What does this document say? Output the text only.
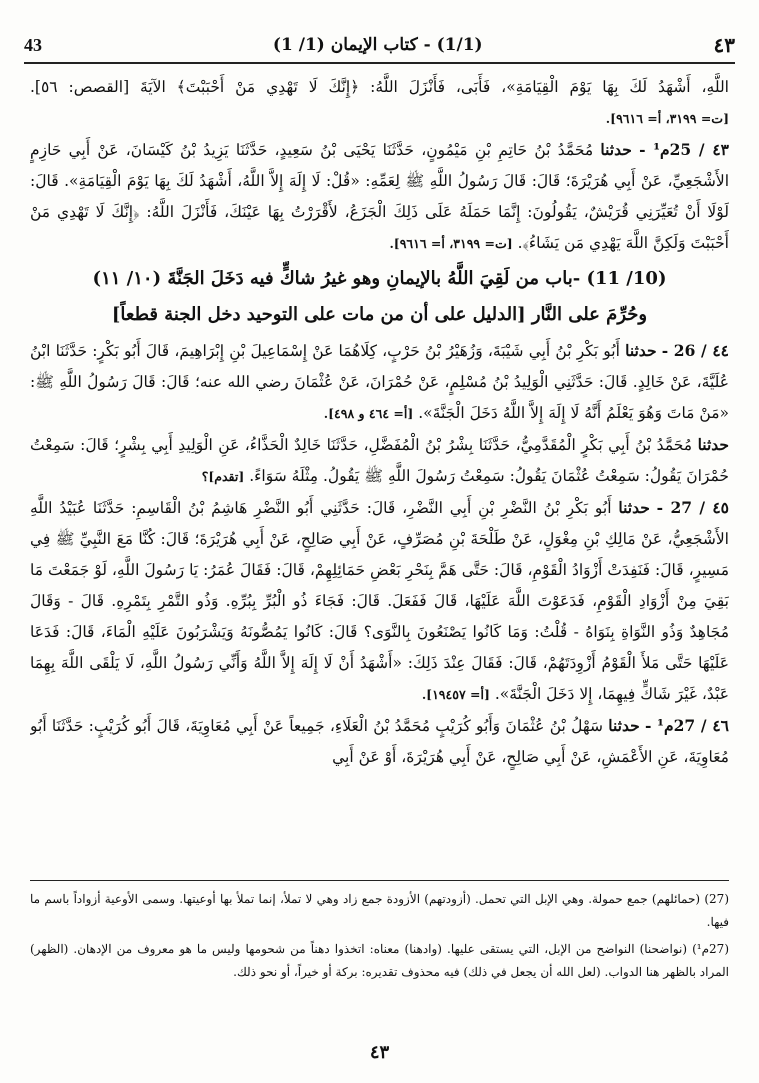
43	(1/1) - كتاب الإيمان (1/ 1)	٤٣

اللَّهِ، أَشْهَدُ لَكَ بِهَا يَوْمَ الْقِيَامَةِ»، فَأَبَى، فَأَنْزَلَ اللَّهُ: ﴿إِنَّكَ لَا تَهْدِي مَنْ أَحْبَبْتَ﴾ الآيَةَ [القصص: ٥٦]. [ت= ٣١٩٩، أ= ٩٦١٦].

٤٣ / 25م¹ - حدثنا مُحَمَّدُ بْنُ حَاتِمِ بْنِ مَيْمُونٍ، حَدَّثَنَا يَحْيَى بْنُ سَعِيدٍ، حَدَّثَنَا يَزِيدُ بْنُ كَيْسَانَ، عَنْ أَبِي حَازِمٍ الأَشْجَعِيِّ، عَنْ أَبِي هُرَيْرَةَ؛ قَالَ: قَالَ رَسُولُ اللَّهِ ﷺ لِعَمِّهِ: «قُلْ: لَا إِلَهَ إِلاَّ اللَّهُ، أَشْهَدُ لَكَ بِهَا يَوْمَ الْقِيَامَةِ». قَالَ: لَوْلَا أَنْ تُعَيِّرَنِي قُرَيْشٌ، يَقُولُونَ: إِنَّمَا حَمَلَهُ عَلَى ذَلِكَ الْجَزَعُ، لأَقْرَرْتُ بِهَا عَيْنَكَ، فَأَنْزَلَ اللَّهُ: ﴿إِنَّكَ لَا تَهْدِي مَنْ أَحْبَبْتَ وَلَكِنَّ اللَّهَ يَهْدِي مَن يَشَاءُ﴾. [ت= ٣١٩٩، أ= ٩٦١٦].

(10/ 11) -باب من لَقِيَ اللَّهُ بالإيمانِ وهو غيرُ شاكٍّ فيه دَخَلَ الجَنَّةَ (١٠/ ١١)
وحُرِّمَ على النَّار [الدليل على أن من مات على التوحيد دخل الجنة قطعاً]

٤٤ / 26 - حدثنا أَبُو بَكْرِ بْنُ أَبِي شَيْبَةَ، وَزُهَيْرُ بْنُ حَرْبٍ، كِلَاهُمَا عَنْ إِسْمَاعِيلَ بْنِ إِبْرَاهِيمَ، قَالَ أَبُو بَكْرٍ: حَدَّثَنَا ابْنُ عُلَيَّةَ، عَنْ خَالِدٍ. قَالَ: حَدَّثَنِي الْوَلِيدُ بْنُ مُسْلِمٍ، عَنْ حُمْرَانَ، عَنْ عُثْمَانَ رضي الله عنه؛ قَالَ: قَالَ رَسُولُ اللَّهِ ﷺ: «مَنْ مَاتَ وَهُوَ يَعْلَمُ أَنَّهُ لَا إِلَهَ إِلاَّ اللَّهُ دَخَلَ الْجَنَّةَ». [أ= ٤٦٤ و ٤٩٨].

حدثنا مُحَمَّدُ بْنُ أَبِي بَكْرٍ الْمُقَدَّمِيُّ، حَدَّثَنَا بِشْرُ بْنُ الْمُفَضَّلِ، حَدَّثَنَا خَالِدٌ الْحَذَّاءُ، عَنِ الْوَلِيدِ أَبِي بِشْرٍ؛ قَالَ: سَمِعْتُ حُمْرَانَ يَقُولُ: سَمِعْتُ عُثْمَانَ يَقُولُ: سَمِعْتُ رَسُولَ اللَّهِ ﷺ يَقُولُ. مِثْلَهُ سَوَاءً. [تقدم]؟

٤٥ / 27 - حدثنا أَبُو بَكْرِ بْنُ النَّضْرِ بْنِ أَبِي النَّضْرِ، قَالَ: حَدَّثَنِي أَبُو النَّضْرِ هَاشِمُ بْنُ الْقَاسِمِ: حَدَّثَنَا عُبَيْدُ اللَّهِ الأَشْجَعِيُّ، عَنْ مَالِكِ بْنِ مِغْوَلٍ، عَنْ طَلْحَةَ بْنِ مُصَرِّفٍ، عَنْ أَبِي صَالِحٍ، عَنْ أَبِي هُرَيْرَةَ؛ قَالَ: كُنَّا مَعَ النَّبِيِّ ﷺ فِي مَسِيرٍ، قَالَ: فَنَفِدَتْ أَزْوَادُ الْقَوْمِ، قَالَ: حَتَّى هَمَّ بِنَحْرِ بَعْضِ حَمَائِلِهِمْ، قَالَ: فَقَالَ عُمَرُ: يَا رَسُولَ اللَّهِ، لَوْ جَمَعْتَ مَا بَقِيَ مِنْ أَزْوَادِ الْقَوْمِ، فَدَعَوْتَ اللَّهَ عَلَيْهَا، قَالَ فَفَعَلَ. قَالَ: فَجَاءَ ذُو الْبُرِّ بِبُرِّهِ. وَذُو التَّمْرِ بِتَمْرِهِ. قَالَ - وَقَالَ مُجَاهِدٌ وَذُو النَّوَاةِ بِنَوَاهُ - قُلْتُ: وَمَا كَانُوا يَصْنَعُونَ بِالنَّوَى؟ قَالَ: كَانُوا يَمُصُّونَهُ وَيَشْرَبُونَ عَلَيْهِ الْمَاءَ، قَالَ: فَدَعَا عَلَيْهَا حَتَّى مَلأَ الْقَوْمُ أَزْوِدَتَهُمْ، قَالَ: فَقَالَ عِنْدَ ذَلِكَ: «أَشْهَدُ أَنْ لَا إِلَهَ إِلاَّ اللَّهُ وَأَنِّي رَسُولُ اللَّهِ، لَا يَلْقَى اللَّهَ بِهِمَا عَبْدٌ، غَيْرَ شَاكٍّ فِيهِمَا، إِلا دَخَلَ الْجَنَّةَ». [أ= ١٩٤٥٧].

٤٦ / 27م¹ - حدثنا سَهْلُ بْنُ عُثْمَانَ وَأَبُو كُرَيْبٍ مُحَمَّدُ بْنُ الْعَلَاءِ، جَمِيعاً عَنْ أَبِي مُعَاوِيَةَ، قَالَ أَبُو كُرَيْبٍ: حَدَّثَنَا أَبُو مُعَاوِيَةَ، عَنِ الأَعْمَشِ، عَنْ أَبِي صَالِحٍ، عَنْ أَبِي هُرَيْرَةَ، أَوْ عَنْ أَبِي

(27) (حمائلهم) جمع حمولة. وهي الإبل التي تحمل. (أزودتهم) الأزودة جمع زاد وهي لا تملأ، إنما تملأ بها أوعيتها. وسمى الأوعية أزواداً باسم ما فيها.

(27م¹) (نواضحنا) النواضح من الإبل، التي يستقى عليها. (وادهنا) معناه: اتخذوا دهناً من شحومها وليس ما هو معروف من الإدهان. (الظهر) المراد بالظهر هنا الدواب. (لعل الله أن يجعل في ذلك) فيه محذوف تقديره: بركة أو خيراً، أو نحو ذلك.

٤٣
